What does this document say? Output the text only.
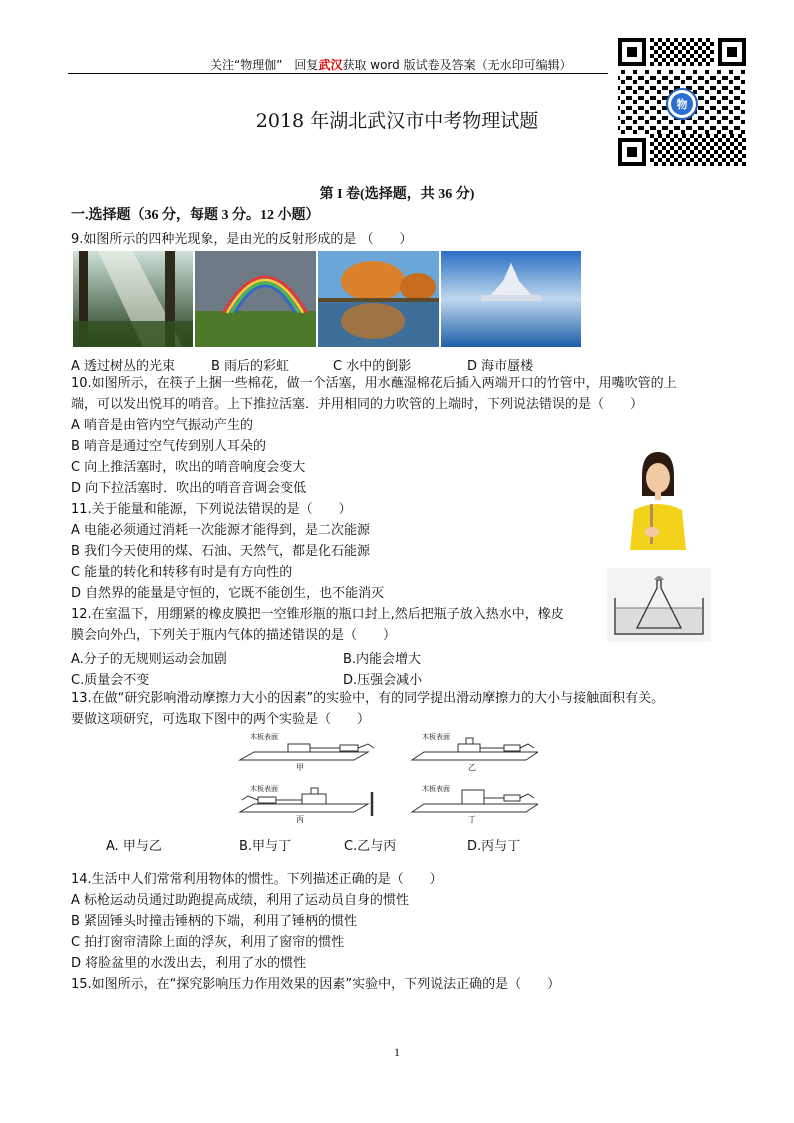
关注“物理伽”　回复武汉获取 word 版试卷及答案（无水印可编辑）
物
2018 年湖北武汉市中考物理试题
第 I 卷(选择题，共 36 分)
一.选择题（36 分，每题 3 分。12 小题）
9.如图所示的四种光现象，是由光的反射形成的是 （　　）
A 透过树丛的光束	B 雨后的彩虹	C 水中的倒影	D 海市蜃楼
10.如图所示，在筷子上捆一些棉花，做一个活塞，用水蘸湿棉花后插入两端开口的竹管中，用嘴吹管的上
端，可以发出悦耳的哨音。上下推拉活塞．并用相同的力吹管的上端时，下列说法错误的是（　　）
A 哨音是由管内空气振动产生的
B 哨音是通过空气传到别人耳朵的
C 向上推活塞时，吹出的哨音响度会变大
D 向下拉活塞时．吹出的哨音音调会变低
11.关于能量和能源，下列说法错误的是（　　）
A 电能必须通过消耗一次能源才能得到，是二次能源
B 我们今天使用的煤、石油、天然气，都是化石能源
C 能量的转化和转移有时是有方向性的
D 自然界的能量是守恒的，它既不能创生，也不能消灭
12.在室温下，用绷紧的橡皮膜把一空锥形瓶的瓶口封上,然后把瓶子放入热水中，橡皮
膜会向外凸，下列关于瓶内气体的描述错误的是（　　）
A.分子的无规则运动会加剧	B.内能会增大
C.质量会不变	D.压强会减小
13.在做“研究影响滑动摩擦力大小的因素”的实验中，有的同学提出滑动摩擦力的大小与接触面积有关。
要做这项研究，可选取下图中的两个实验是（　　）
木板表面	木板表面
木板表面	木板表面
甲	乙
丙	丁
A. 甲与乙	B.甲与丁	C.乙与丙	D.丙与丁
14.生活中人们常常利用物体的惯性。下列描述正确的是（　　）
A 标枪运动员通过助跑提高成绩，利用了运动员自身的惯性
B 紧固锤头时撞击锤柄的下端，利用了锤柄的惯性
C 拍打窗帘清除上面的浮灰，利用了窗帘的惯性
D 将脸盆里的水泼出去，利用了水的惯性
15.如图所示，在“探究影响压力作用效果的因素”实验中，下列说法正确的是（　　）
1
